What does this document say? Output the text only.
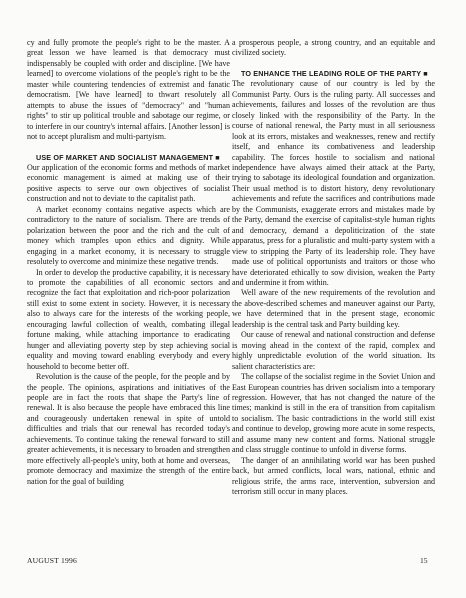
cy and fully promote the people's right to be the master. A great lesson we have learned is that democracy must indispensably be coupled with order and discipline. [We have learned] to overcome violations of the people's right to be the master while countering tendencies of extremist and fanatic democratism. [We have learned] to thwart resolutely all attempts to abuse the issues of "democracy" and "human rights" to stir up political trouble and sabotage our regime, or to interfere in our country's internal affairs. [Another lesson] is not to accept pluralism and multi-partyism.

USE OF MARKET AND SOCIALIST MANAGEMENT ■

Our application of the economic forms and methods of market economic management is aimed at making use of their positive aspects to serve our own objectives of socialist construction and not to deviate to the capitalist path.

A market economy contains negative aspects which are contradictory to the nature of socialism. There are trends of polarization between the poor and the rich and the cult of money which tramples upon ethics and dignity. While engaging in a market economy, it is necessary to struggle resolutely to overcome and minimize these negative trends.

In order to develop the productive capability, it is necessary to promote the capabilities of all economic sectors and recognize the fact that exploitation and rich-poor polarization still exist to some extent in society. However, it is necessary also to always care for the interests of the working people, encouraging lawful collection of wealth, combating illegal fortune making, while attaching importance to eradicating hunger and alleviating poverty step by step achieving social equality and moving toward enabling everybody and every household to become better off.

Revolution is the cause of the people, for the people and by the people. The opinions, aspirations and initiatives of the people are in fact the roots that shape the Party's line of renewal. It is also because the people have embraced this line and courageously undertaken renewal in spite of untold difficulties and trials that our renewal has recorded today's achievements. To continue taking the renewal forward to still greater achievements, it is necessary to broaden and strengthen more effectively all-people's unity, both at home and overseas, promote democracy and maximize the strength of the entire nation for the goal of building

a prosperous people, a strong country, and an equitable and civilized society.

TO ENHANCE THE LEADING ROLE OF THE PARTY ■

The revolutionary cause of our country is led by the Communist Party. Ours is the ruling party. All successes and achievements, failures and losses of the revolution are thus closely linked with the responsibility of the Party. In the course of national renewal, the Party must in all seriousness look at its errors, mistakes and weaknesses, renew and rectify itself, and enhance its combativeness and leadership capability. The forces hostile to socialism and national independence have always aimed their attack at the Party, trying to sabotage its ideological foundation and organization. Their usual method is to distort history, deny revolutionary achievements and refute the sacrifices and contributions made by the Communists, exaggerate errors and mistakes made by the Party, demand the exercise of capitalist-style human rights and democracy, demand a depoliticization of the state apparatus, press for a pluralistic and multi-party system with a view to stripping the Party of its leadership role. They have made use of political opportunists and traitors or those who have deteriorated ethically to sow division, weaken the Party and undermine it from within.

Well aware of the new requirements of the revolution and the above-described schemes and maneuver against our Party, we have determined that in the present stage, economic leadership is the central task and Party building key.

Our cause of renewal and national construction and defense is moving ahead in the context of the rapid, complex and highly unpredictable evolution of the world situation. Its salient characteristics are:

The collapse of the socialist regime in the Soviet Union and East European countries has driven socialism into a temporary regression. However, that has not changed the nature of the times; mankind is still in the era of transition from capitalism to socialism. The basic contradictions in the world still exist and continue to develop, growing more acute in some respects, and assume many new content and forms. National struggle and class struggle continue to unfold in diverse forms.

The danger of an annihilating world war has been pushed back, but armed conflicts, local wars, national, ethnic and religious strife, the arms race, intervention, subversion and terrorism still occur in many places.

AUGUST 1996	15
